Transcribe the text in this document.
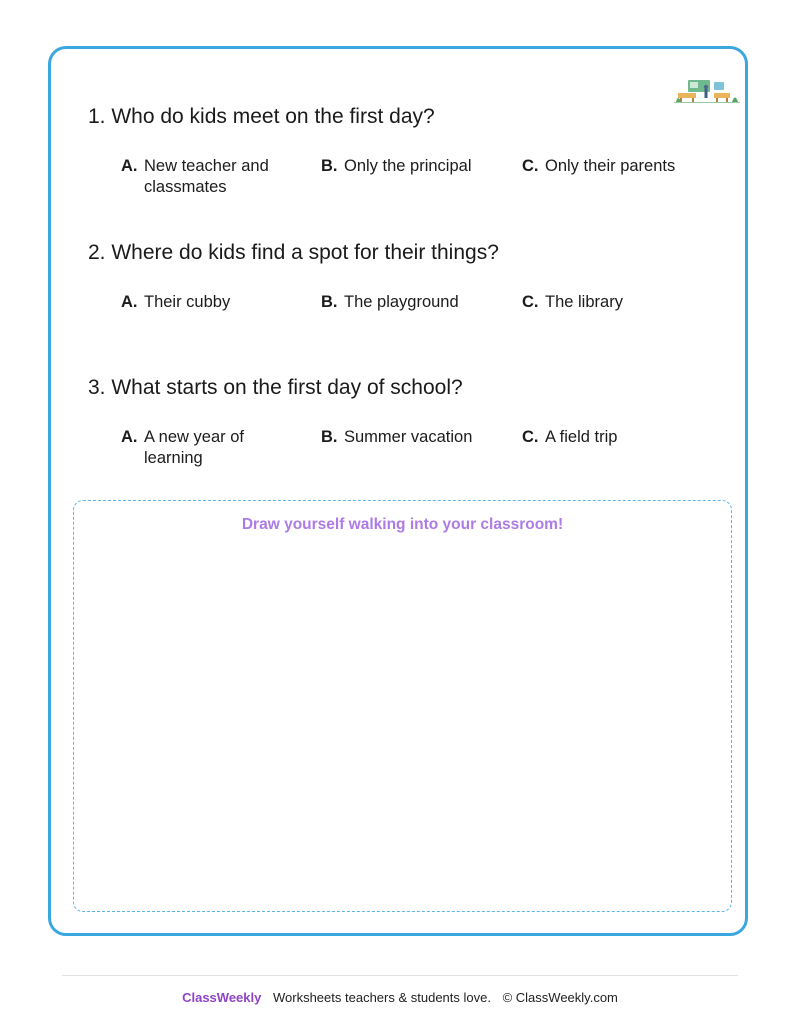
1. Who do kids meet on the first day?

A. New teacher and classmates
B. Only the principal	C. Only their parents

2. Where do kids find a spot for their things?

A. Their cubby	B. The playground	C. The library

3. What starts on the first day of school?

A. A new year of learning
B. Summer vacation	C. A field trip
Draw yourself walking into your classroom!
ClassWeekly Worksheets teachers & students love. © ClassWeekly.com
